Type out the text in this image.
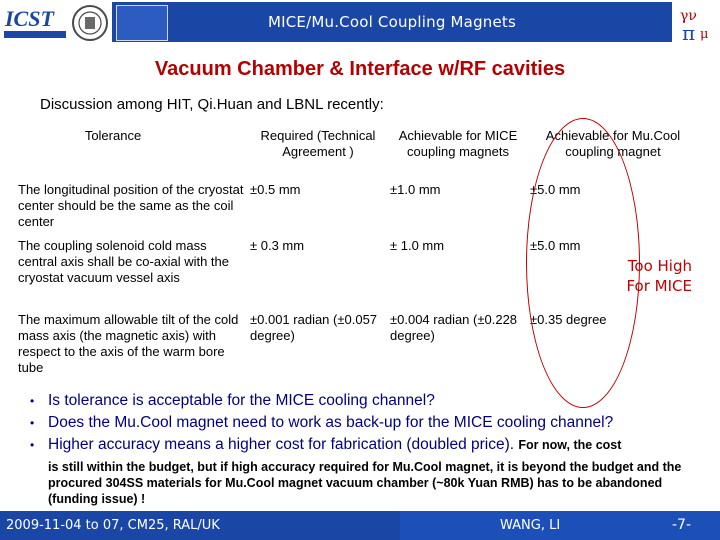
ICST	MICE/Mu.Cool Coupling Magnets	γν
π μ
Vacuum Chamber & Interface w/RF cavities
Discussion among HIT, Qi.Huan and LBNL recently:
Tolerance	Required (Technical Agreement )	Achievable for MICE coupling magnets	Achievable for Mu.Cool coupling magnet
The longitudinal position of the cryostat center should be the same as the coil center	±0.5 mm	±1.0 mm	±5.0 mm
The coupling solenoid cold mass central axis shall be co-axial with the cryostat vacuum vessel axis	± 0.3 mm	± 1.0 mm	±5.0 mm
The maximum allowable tilt of the cold mass axis (the magnetic axis) with respect to the axis of the warm bore tube	±0.001 radian (±0.057 degree)	±0.004 radian (±0.228 degree)	±0.35 degree
Too High
For MICE
• Is tolerance is acceptable for the MICE cooling channel?
• Does the Mu.Cool magnet need to work as back-up for the MICE cooling channel?
• Higher accuracy means a higher cost for fabrication (doubled price). For now, the cost
is still within the budget, but if high accuracy required for Mu.Cool magnet, it is beyond the budget and the procured 304SS materials for Mu.Cool magnet vacuum chamber (~80k Yuan RMB) has to be abandoned (funding issue) !
2009-11-04 to 07, CM25, RAL/UK	WANG, LI	-7-
